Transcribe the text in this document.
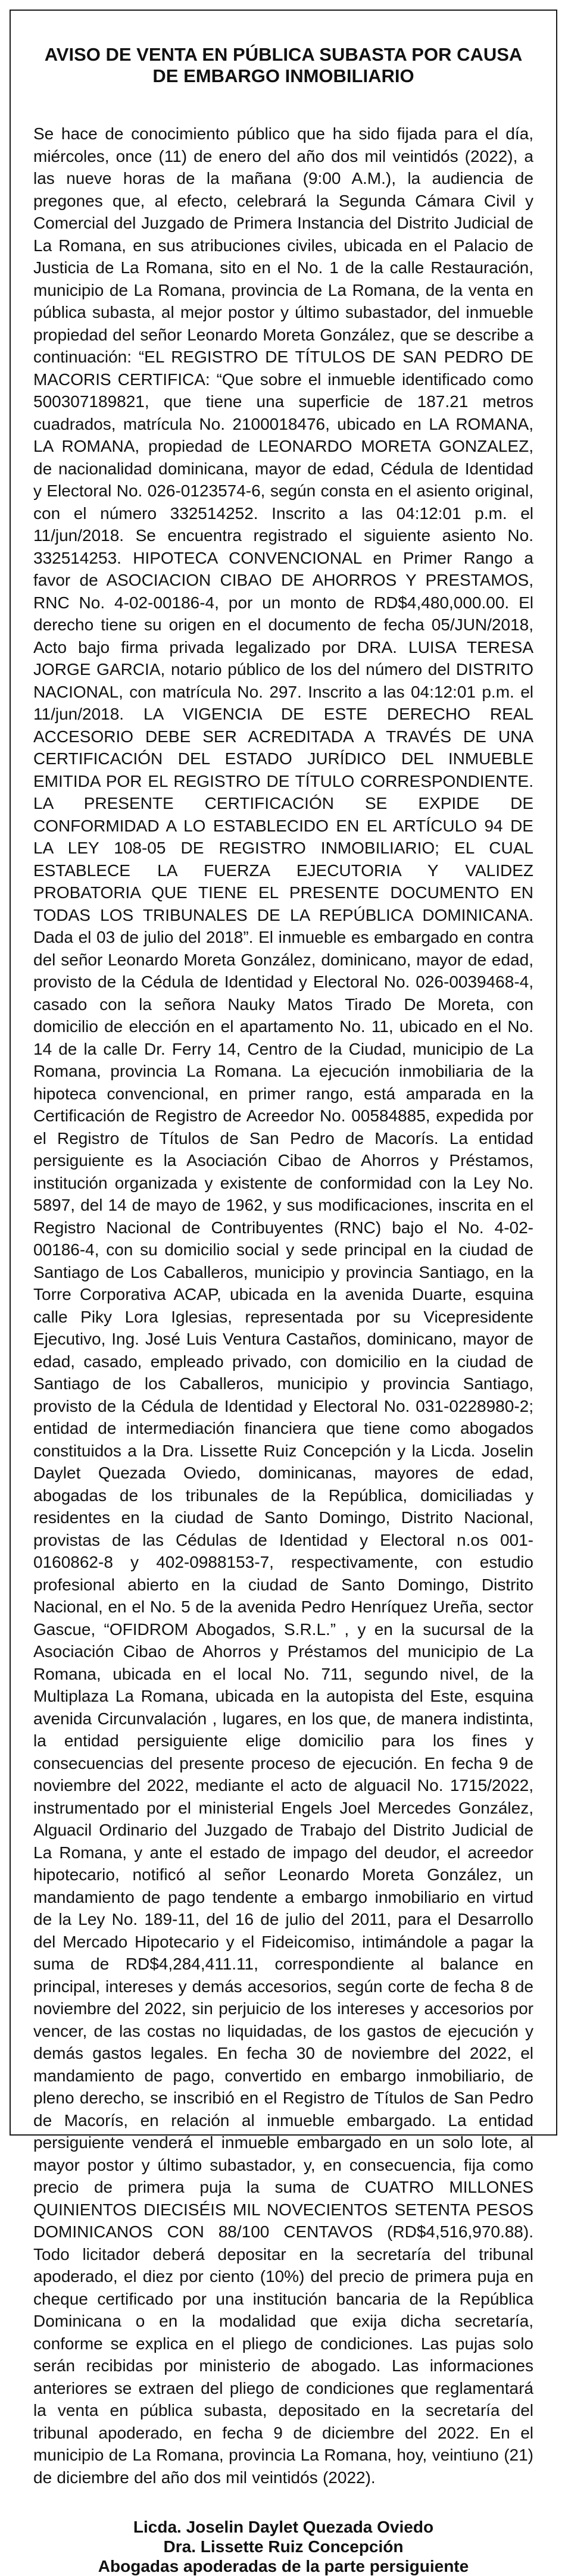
AVISO DE VENTA EN PÚBLICA SUBASTA POR CAUSA
DE EMBARGO INMOBILIARIO

Se hace de conocimiento público que ha sido fijada para el día, miércoles, once (11) de enero del año dos mil veintidós (2022), a las nueve horas de la mañana (9:00 A.M.), la audiencia de pregones que, al efecto, celebrará la Segunda Cámara Civil y Comercial del Juzgado de Primera Instancia del Distrito Judicial de La Romana, en sus atribuciones civiles, ubicada en el Palacio de Justicia de La Romana, sito en el No. 1 de la calle Restauración, municipio de La Romana, provincia de La Romana, de la venta en pública subasta, al mejor postor y último subastador, del inmueble propiedad del señor Leonardo Moreta González, que se describe a continuación: “EL REGISTRO DE TÍTULOS DE SAN PEDRO DE MACORIS CERTIFICA: “Que sobre el inmueble identificado como 500307189821, que tiene una superficie de 187.21 metros cuadrados, matrícula No. 2100018476, ubicado en LA ROMANA, LA ROMANA, propiedad de LEONARDO MORETA GONZALEZ, de nacionalidad dominicana, mayor de edad, Cédula de Identidad y Electoral No. 026-0123574-6, según consta en el asiento original, con el número 332514252. Inscrito a las 04:12:01 p.m. el 11/jun/2018. Se encuentra registrado el siguiente asiento No. 332514253. HIPOTECA CONVENCIONAL en Primer Rango a favor de ASOCIACION CIBAO DE AHORROS Y PRESTAMOS, RNC No. 4-02-00186-4, por un monto de RD$4,480,000.00. El derecho tiene su origen en el documento de fecha 05/JUN/2018, Acto bajo firma privada legalizado por DRA. LUISA TERESA JORGE GARCIA, notario público de los del número del DISTRITO NACIONAL, con matrícula No. 297. Inscrito a las 04:12:01 p.m. el 11/jun/2018. LA VIGENCIA DE ESTE DERECHO REAL ACCESORIO DEBE SER ACREDITADA A TRAVÉS DE UNA CERTIFICACIÓN DEL ESTADO JURÍDICO DEL INMUEBLE EMITIDA POR EL REGISTRO DE TÍTULO CORRESPONDIENTE. LA PRESENTE CERTIFICACIÓN SE EXPIDE DE CONFORMIDAD A LO ESTABLECIDO EN EL ARTÍCULO 94 DE LA LEY 108-05 DE REGISTRO INMOBILIARIO; EL CUAL ESTABLECE LA FUERZA EJECUTORIA Y VALIDEZ PROBATORIA QUE TIENE EL PRESENTE DOCUMENTO EN TODAS LOS TRIBUNALES DE LA REPÚBLICA DOMINICANA. Dada el 03 de julio del 2018”. El inmueble es embargado en contra del señor Leonardo Moreta González, dominicano, mayor de edad, provisto de la Cédula de Identidad y Electoral No. 026-0039468-4, casado con la señora Nauky Matos Tirado De Moreta, con domicilio de elección en el apartamento No. 11, ubicado en el No. 14 de la calle Dr. Ferry 14, Centro de la Ciudad, municipio de La Romana, provincia La Romana. La ejecución inmobiliaria de la hipoteca convencional, en primer rango, está amparada en la Certificación de Registro de Acreedor No. 00584885, expedida por el Registro de Títulos de San Pedro de Macorís. La entidad persiguiente es la Asociación Cibao de Ahorros y Préstamos, institución organizada y existente de conformidad con la Ley No. 5897, del 14 de mayo de 1962, y sus modificaciones, inscrita en el Registro Nacional de Contribuyentes (RNC) bajo el No. 4-02-00186-4, con su domicilio social y sede principal en la ciudad de Santiago de Los Caballeros, municipio y provincia Santiago, en la Torre Corporativa ACAP, ubicada en la avenida Duarte, esquina calle Piky Lora Iglesias, representada por su Vicepresidente Ejecutivo, Ing. José Luis Ventura Castaños, dominicano, mayor de edad, casado, empleado privado, con domicilio en la ciudad de Santiago de los Caballeros, municipio y provincia Santiago, provisto de la Cédula de Identidad y Electoral No. 031-0228980-2; entidad de intermediación financiera que tiene como abogados constituidos a la Dra. Lissette Ruiz Concepción y la Licda. Joselin Daylet Quezada Oviedo, dominicanas, mayores de edad, abogadas de los tribunales de la República, domiciliadas y residentes en la ciudad de Santo Domingo, Distrito Nacional, provistas de las Cédulas de Identidad y Electoral n.os 001-0160862-8 y 402-0988153-7, respectivamente, con estudio profesional abierto en la ciudad de Santo Domingo, Distrito Nacional, en el No. 5 de la avenida Pedro Henríquez Ureña, sector Gascue, “OFIDROM Abogados, S.R.L.” , y en la sucursal de la Asociación Cibao de Ahorros y Préstamos del municipio de La Romana, ubicada en el local No. 711, segundo nivel, de la Multiplaza La Romana, ubicada en la autopista del Este, esquina avenida Circunvalación , lugares, en los que, de manera indistinta, la entidad persiguiente elige domicilio para los fines y consecuencias del presente proceso de ejecución. En fecha 9 de noviembre del 2022, mediante el acto de alguacil No. 1715/2022, instrumentado por el ministerial Engels Joel Mercedes González, Alguacil Ordinario del Juzgado de Trabajo del Distrito Judicial de La Romana, y ante el estado de impago del deudor, el acreedor hipotecario, notificó al señor Leonardo Moreta González, un mandamiento de pago tendente a embargo inmobiliario en virtud de la Ley No. 189-11, del 16 de julio del 2011, para el Desarrollo del Mercado Hipotecario y el Fideicomiso, intimándole a pagar la suma de RD$4,284,411.11, correspondiente al balance en principal, intereses y demás accesorios, según corte de fecha 8 de noviembre del 2022, sin perjuicio de los intereses y accesorios por vencer, de las costas no liquidadas, de los gastos de ejecución y demás gastos legales. En fecha 30 de noviembre del 2022, el mandamiento de pago, convertido en embargo inmobiliario, de pleno derecho, se inscribió en el Registro de Títulos de San Pedro de Macorís, en relación al inmueble embargado. La entidad persiguiente venderá el inmueble embargado en un solo lote, al mayor postor y último subastador, y, en consecuencia, fija como precio de primera puja la suma de CUATRO MILLONES QUINIENTOS DIECISÉIS MIL NOVECIENTOS SETENTA PESOS DOMINICANOS CON 88/100 CENTAVOS (RD$4,516,970.88). Todo licitador deberá depositar en la secretaría del tribunal apoderado, el diez por ciento (10%) del precio de primera puja en cheque certificado por una institución bancaria de la República Dominicana o en la modalidad que exija dicha secretaría, conforme se explica en el pliego de condiciones. Las pujas solo serán recibidas por ministerio de abogado. Las informaciones anteriores se extraen del pliego de condiciones que reglamentará la venta en pública subasta, depositado en la secretaría del tribunal apoderado, en fecha 9 de diciembre del 2022. En el municipio de La Romana, provincia La Romana, hoy, veintiuno (21) de diciembre del año dos mil veintidós (2022).

Licda. Joselin Daylet Quezada Oviedo
Dra. Lissette Ruiz Concepción
Abogadas apoderadas de la parte persiguiente
